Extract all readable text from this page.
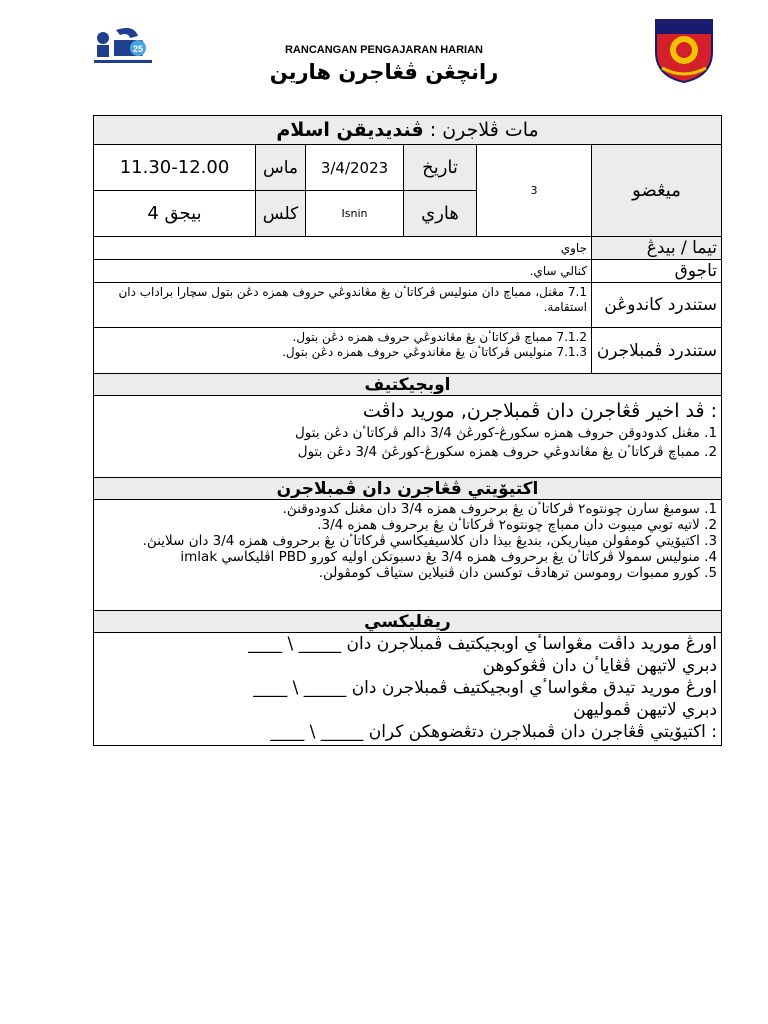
25	RANCANGAN PENGAJARAN HARIAN
رانچڠن ڤڠاجرن هارين
مات ڤلاجرن : ڤنديديقن اسلام					
11.30-12.00	ماس	3/4/2023	تاريخ	3	ميڠضو
بيجق 4	كلس	Isnin	هاري		
جاوي					تيما / بيدڠ
كنالي ساي.					تاجوق
7.1 مڠنل، ممباچ دان منوليس ڤركاتاٴن يڠ مڠاندوڠي حروف همزه دڠن بتول سچارا براداب دان استقامة.					ستندرد كاندوڠن

7.1.2 ممباچ ڤركاتاٴن يڠ مڠاندوڠي حروف همزه دڠن بتول.
7.1.3 منوليس ڤركاتاٴن يڠ مڠاندوڠي حروف همزه دڠن بتول.					ستندرد ڤمبلاجرن
اوبجيكتيف					

: ڤد اخير ڤڠاجرن دان ڤمبلاجرن, موريد داڤت
1. مڠنل كدودوقن حروف همزه سكورڠ-كورڠڽ 3/4 دالم ڤركاتاٴن دڠن بتول
2. ممباچ ڤركاتاٴن يڠ مڠاندوڠي حروف همزه سكورڠ-كورڠڽ 3/4 دڠن بتول					

اكتيۆيتي ڤڠاجرن دان ڤمبلاجرن					

1. سومبڠ سارن چونتوه٢ ڤركاتاٴن يڠ برحروف همزه 3/4 دان مڠنل كدودوقنڽ.
2. لاتيه توبي ميبوت دان ممباچ چونتوه٢ ڤركاتاٴن يڠ برحروف همزه 3/4.
3. اكتيۆيتي كومڤولن ميناريكن، بنديڠ بيذا دان كلاسيفيكاسي ڤركاتاٴن يڠ برحروف همزه 3/4 دان سلاينڽ.
4. منوليس سمولا ڤركاتاٴن يڠ برحروف همزه 3/4 يڠ دسبوتكن اوليه كورو PBD اڤليكاسي imlak
5. كورو ممبوات روموسن ترهادڤ توكسن دان ڤنيلاين ستياڤ كومڤولن.					

ريفليكسي					

اورڠ موريد داڤت مڠواساٴي اوبجيكتيف ڤمبلاجرن دان _____ \ ____
دبري لاتيهن ڤڠاياٴن دان ڤڠوكوهن
اورڠ موريد تيدق مڠواساٴي اوبجيكتيف ڤمبلاجرن دان _____ \ ____
دبري لاتيهن ڤموليهن
: اكتيۆيتي ڤڠاجرن دان ڤمبلاجرن دتڠضوهكن كران _____ \ ____					
